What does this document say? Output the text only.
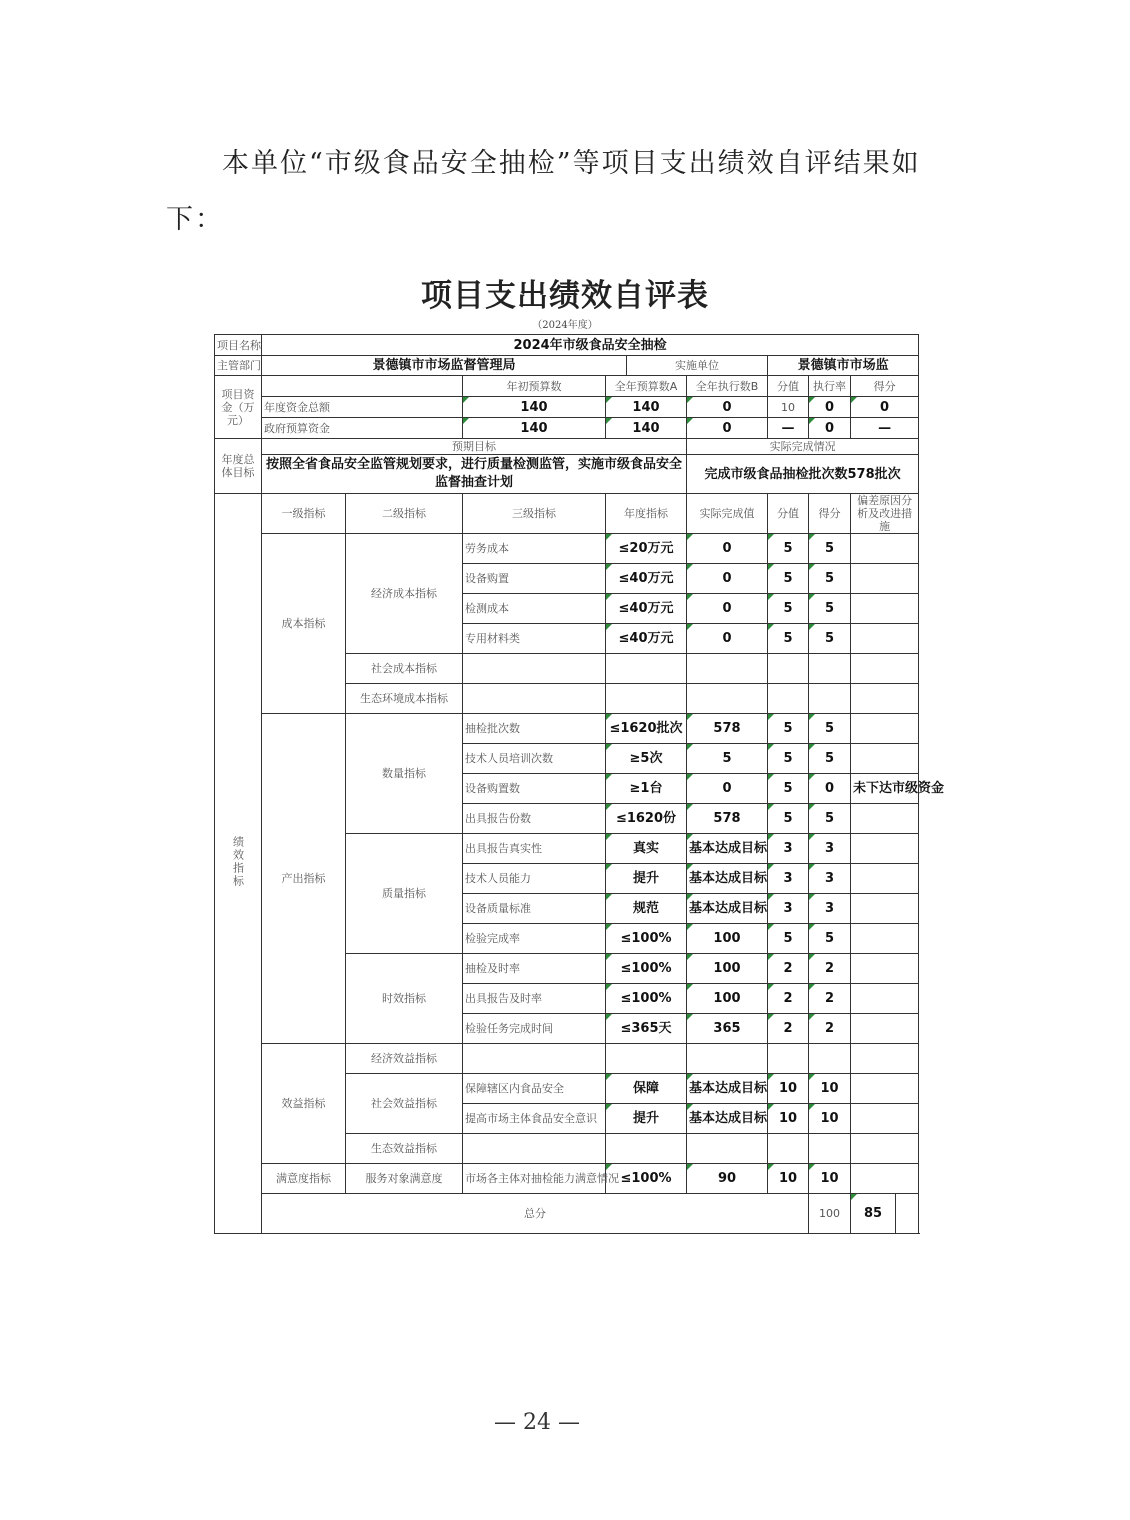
本单位“市级食品安全抽检”等项目支出绩效自评结果如下：

项目支出绩效自评表
（2024年度）
项目名称	2024年市级食品安全抽检									
主管部门	景德镇市市场监督管理局				实施单位		景德镇市市场监			
项目资金（万元）			年初预算数	全年预算数A		全年执行数B	分值	执行率	得分	
	年度资金总额		140	140		0	10	0	0	
	政府预算资金		140	140		0	—	0	—	
年度总体目标	预期目标					实际完成情况				
	按照全省食品安全监管规划要求，进行质量检测监管，实施市级食品安全监督抽查计划					完成市级食品抽检批次数578批次				
绩效指标	一级指标	二级指标	三级指标	年度指标		实际完成值	分值	得分	偏差原因分析及改进措施	
	成本指标	经济成本指标	劳务成本	≤20万元		0	5	5		
			设备购置	≤40万元		0	5	5		
			检测成本	≤40万元		0	5	5		
			专用材料类	≤40万元		0	5	5		
		社会成本指标								
		生态环境成本指标								
	产出指标	数量指标	抽检批次数	≤1620批次		578	5	5		
			技术人员培训次数	≥5次		5	5	5		
			设备购置数	≥1台		0	5	0	未下达市级资金	
			出具报告份数	≤1620份		578	5	5		
		质量指标	出具报告真实性	真实		基本达成目标	3	3		
			技术人员能力	提升		基本达成目标	3	3		
			设备质量标准	规范		基本达成目标	3	3		
			检验完成率	≤100%		100	5	5		
		时效指标	抽检及时率	≤100%		100	2	2		
			出具报告及时率	≤100%		100	2	2		
			检验任务完成时间	≤365天		365	2	2		
	效益指标	经济效益指标								
		社会效益指标	保障辖区内食品安全	保障		基本达成目标	10	10		
			提高市场主体食品安全意识	提升		基本达成目标	10	10		
		生态效益指标								
	满意度指标	服务对象满意度	市场各主体对抽检能力满意情况	≤100%		90	10	10		
	总分							100	85	
— 24 —
